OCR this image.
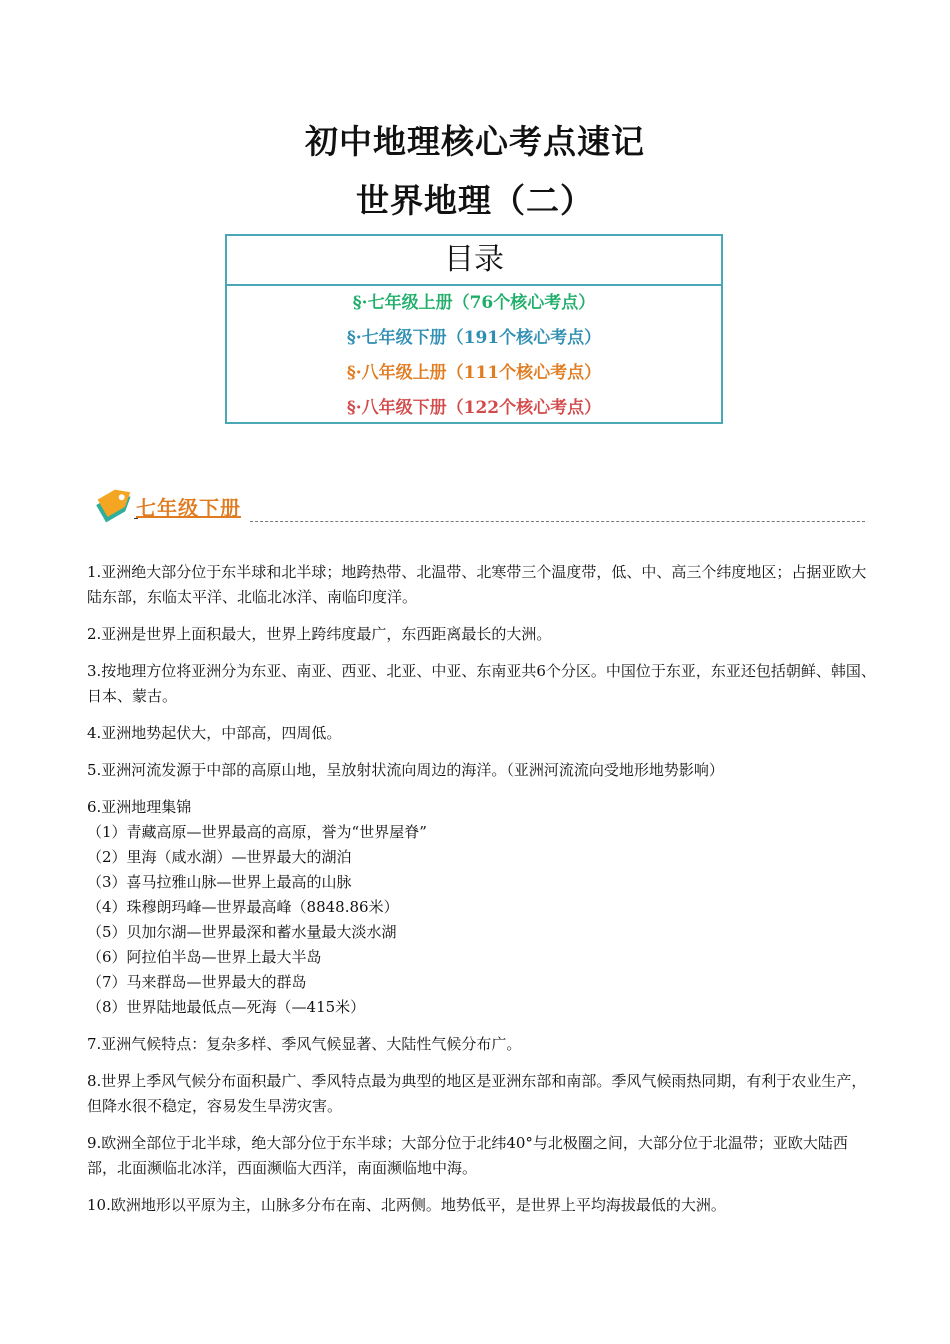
初中地理核心考点速记
世界地理（二）
目录
§·七年级上册（76个核心考点）
§·七年级下册（191个核心考点）
§·八年级上册（111个核心考点）
§·八年级下册（122个核心考点）
七年级下册

1.亚洲绝大部分位于东半球和北半球；地跨热带、北温带、北寒带三个温度带，低、中、高三个纬度地区；占据亚欧大陆东部，东临太平洋、北临北冰洋、南临印度洋。

2.亚洲是世界上面积最大，世界上跨纬度最广，东西距离最长的大洲。

3.按地理方位将亚洲分为东亚、南亚、西亚、北亚、中亚、东南亚共6个分区。中国位于东亚，东亚还包括朝鲜、韩国、日本、蒙古。

4.亚洲地势起伏大，中部高，四周低。

5.亚洲河流发源于中部的高原山地，呈放射状流向周边的海洋。（亚洲河流流向受地形地势影响）

6.亚洲地理集锦
（1）青藏高原—世界最高的高原，誉为“世界屋脊”
（2）里海（咸水湖）—世界最大的湖泊
（3）喜马拉雅山脉—世界上最高的山脉
（4）珠穆朗玛峰—世界最高峰（8848.86米）
（5）贝加尔湖—世界最深和蓄水量最大淡水湖
（6）阿拉伯半岛—世界上最大半岛
（7）马来群岛—世界最大的群岛
（8）世界陆地最低点—死海（—415米）

7.亚洲气候特点：复杂多样、季风气候显著、大陆性气候分布广。

8.世界上季风气候分布面积最广、季风特点最为典型的地区是亚洲东部和南部。季风气候雨热同期，有利于农业生产，但降水很不稳定，容易发生旱涝灾害。

9.欧洲全部位于北半球，绝大部分位于东半球；大部分位于北纬40°与北极圈之间，大部分位于北温带；亚欧大陆西部，北面濒临北冰洋，西面濒临大西洋，南面濒临地中海。

10.欧洲地形以平原为主，山脉多分布在南、北两侧。地势低平，是世界上平均海拔最低的大洲。
